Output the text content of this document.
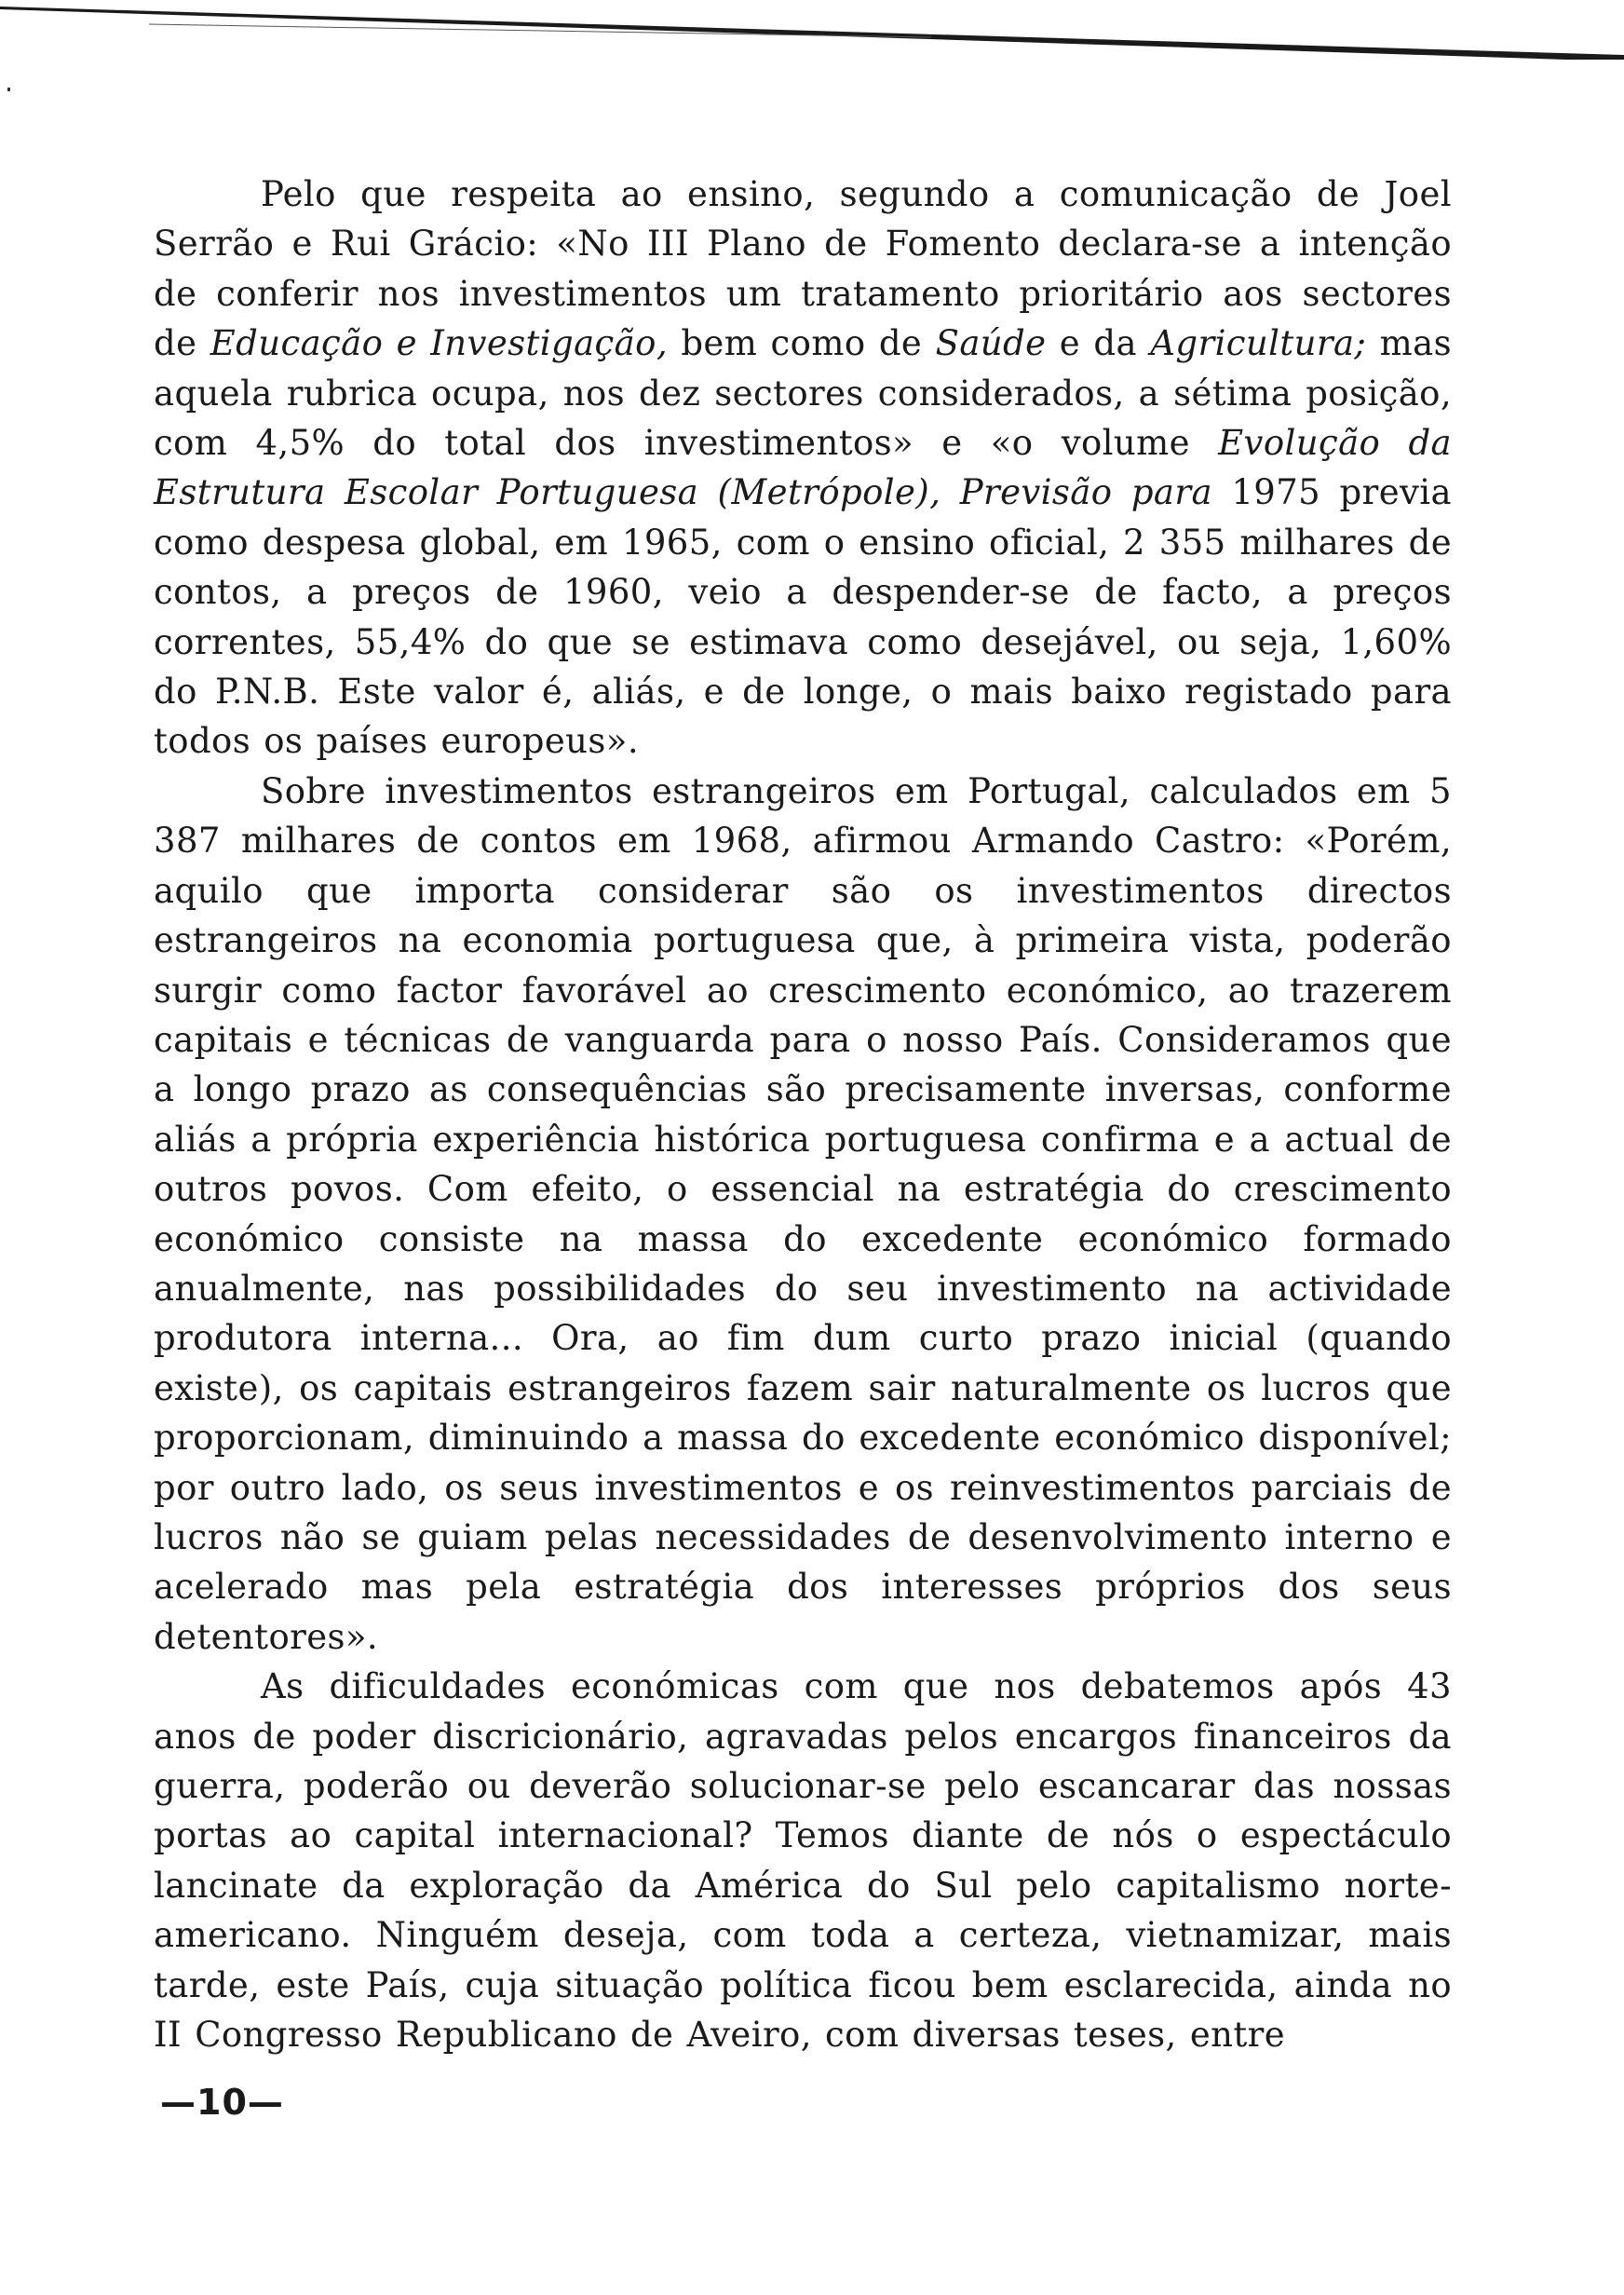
Pelo que respeita ao ensino, segundo a comunicação de Joel Serrão e Rui Grácio: «No III Plano de Fomento declara-se a intenção de conferir nos investimentos um tratamento prioritário aos sectores de Educação e Investigação, bem como de Saúde e da Agricultura; mas aquela rubrica ocupa, nos dez sectores considerados, a sétima posição, com 4,5% do total dos investimentos» e «o volume Evolução da Estrutura Escolar Portuguesa (Metrópole), Previsão para 1975 previa como despesa global, em 1965, com o ensino oficial, 2 355 milhares de contos, a preços de 1960, veio a despender-se de facto, a preços correntes, 55,4% do que se estimava como desejável, ou seja, 1,60% do P.N.B. Este valor é, aliás, e de longe, o mais baixo registado para todos os países europeus».

Sobre investimentos estrangeiros em Portugal, calculados em 5 387 milhares de contos em 1968, afirmou Armando Castro: «Porém, aquilo que importa considerar são os investimentos directos estrangeiros na economia portuguesa que, à primeira vista, poderão surgir como factor favorável ao crescimento económico, ao trazerem capitais e técnicas de vanguarda para o nosso País. Consideramos que a longo prazo as consequências são precisamente inversas, conforme aliás a própria experiência histórica portuguesa confirma e a actual de outros povos. Com efeito, o essencial na estratégia do crescimento económico consiste na massa do excedente económico formado anualmente, nas possibilidades do seu investimento na actividade produtora interna... Ora, ao fim dum curto prazo inicial (quando existe), os capitais estrangeiros fazem sair naturalmente os lucros que proporcionam, diminuindo a massa do excedente económico disponível; por outro lado, os seus investimentos e os reinvestimentos parciais de lucros não se guiam pelas necessidades de desenvolvimento interno e acelerado mas pela estratégia dos interesses próprios dos seus detentores».

As dificuldades económicas com que nos debatemos após 43 anos de poder discricionário, agravadas pelos encargos financeiros da guerra, poderão ou deverão solucionar-se pelo escancarar das nossas portas ao capital internacional? Temos diante de nós o espectáculo lancinate da exploração da América do Sul pelo capitalismo norte-americano. Ninguém deseja, com toda a certeza, vietnamizar, mais tarde, este País, cuja situação política ficou bem esclarecida, ainda no II Congresso Republicano de Aveiro, com diversas teses, entre

—10—
